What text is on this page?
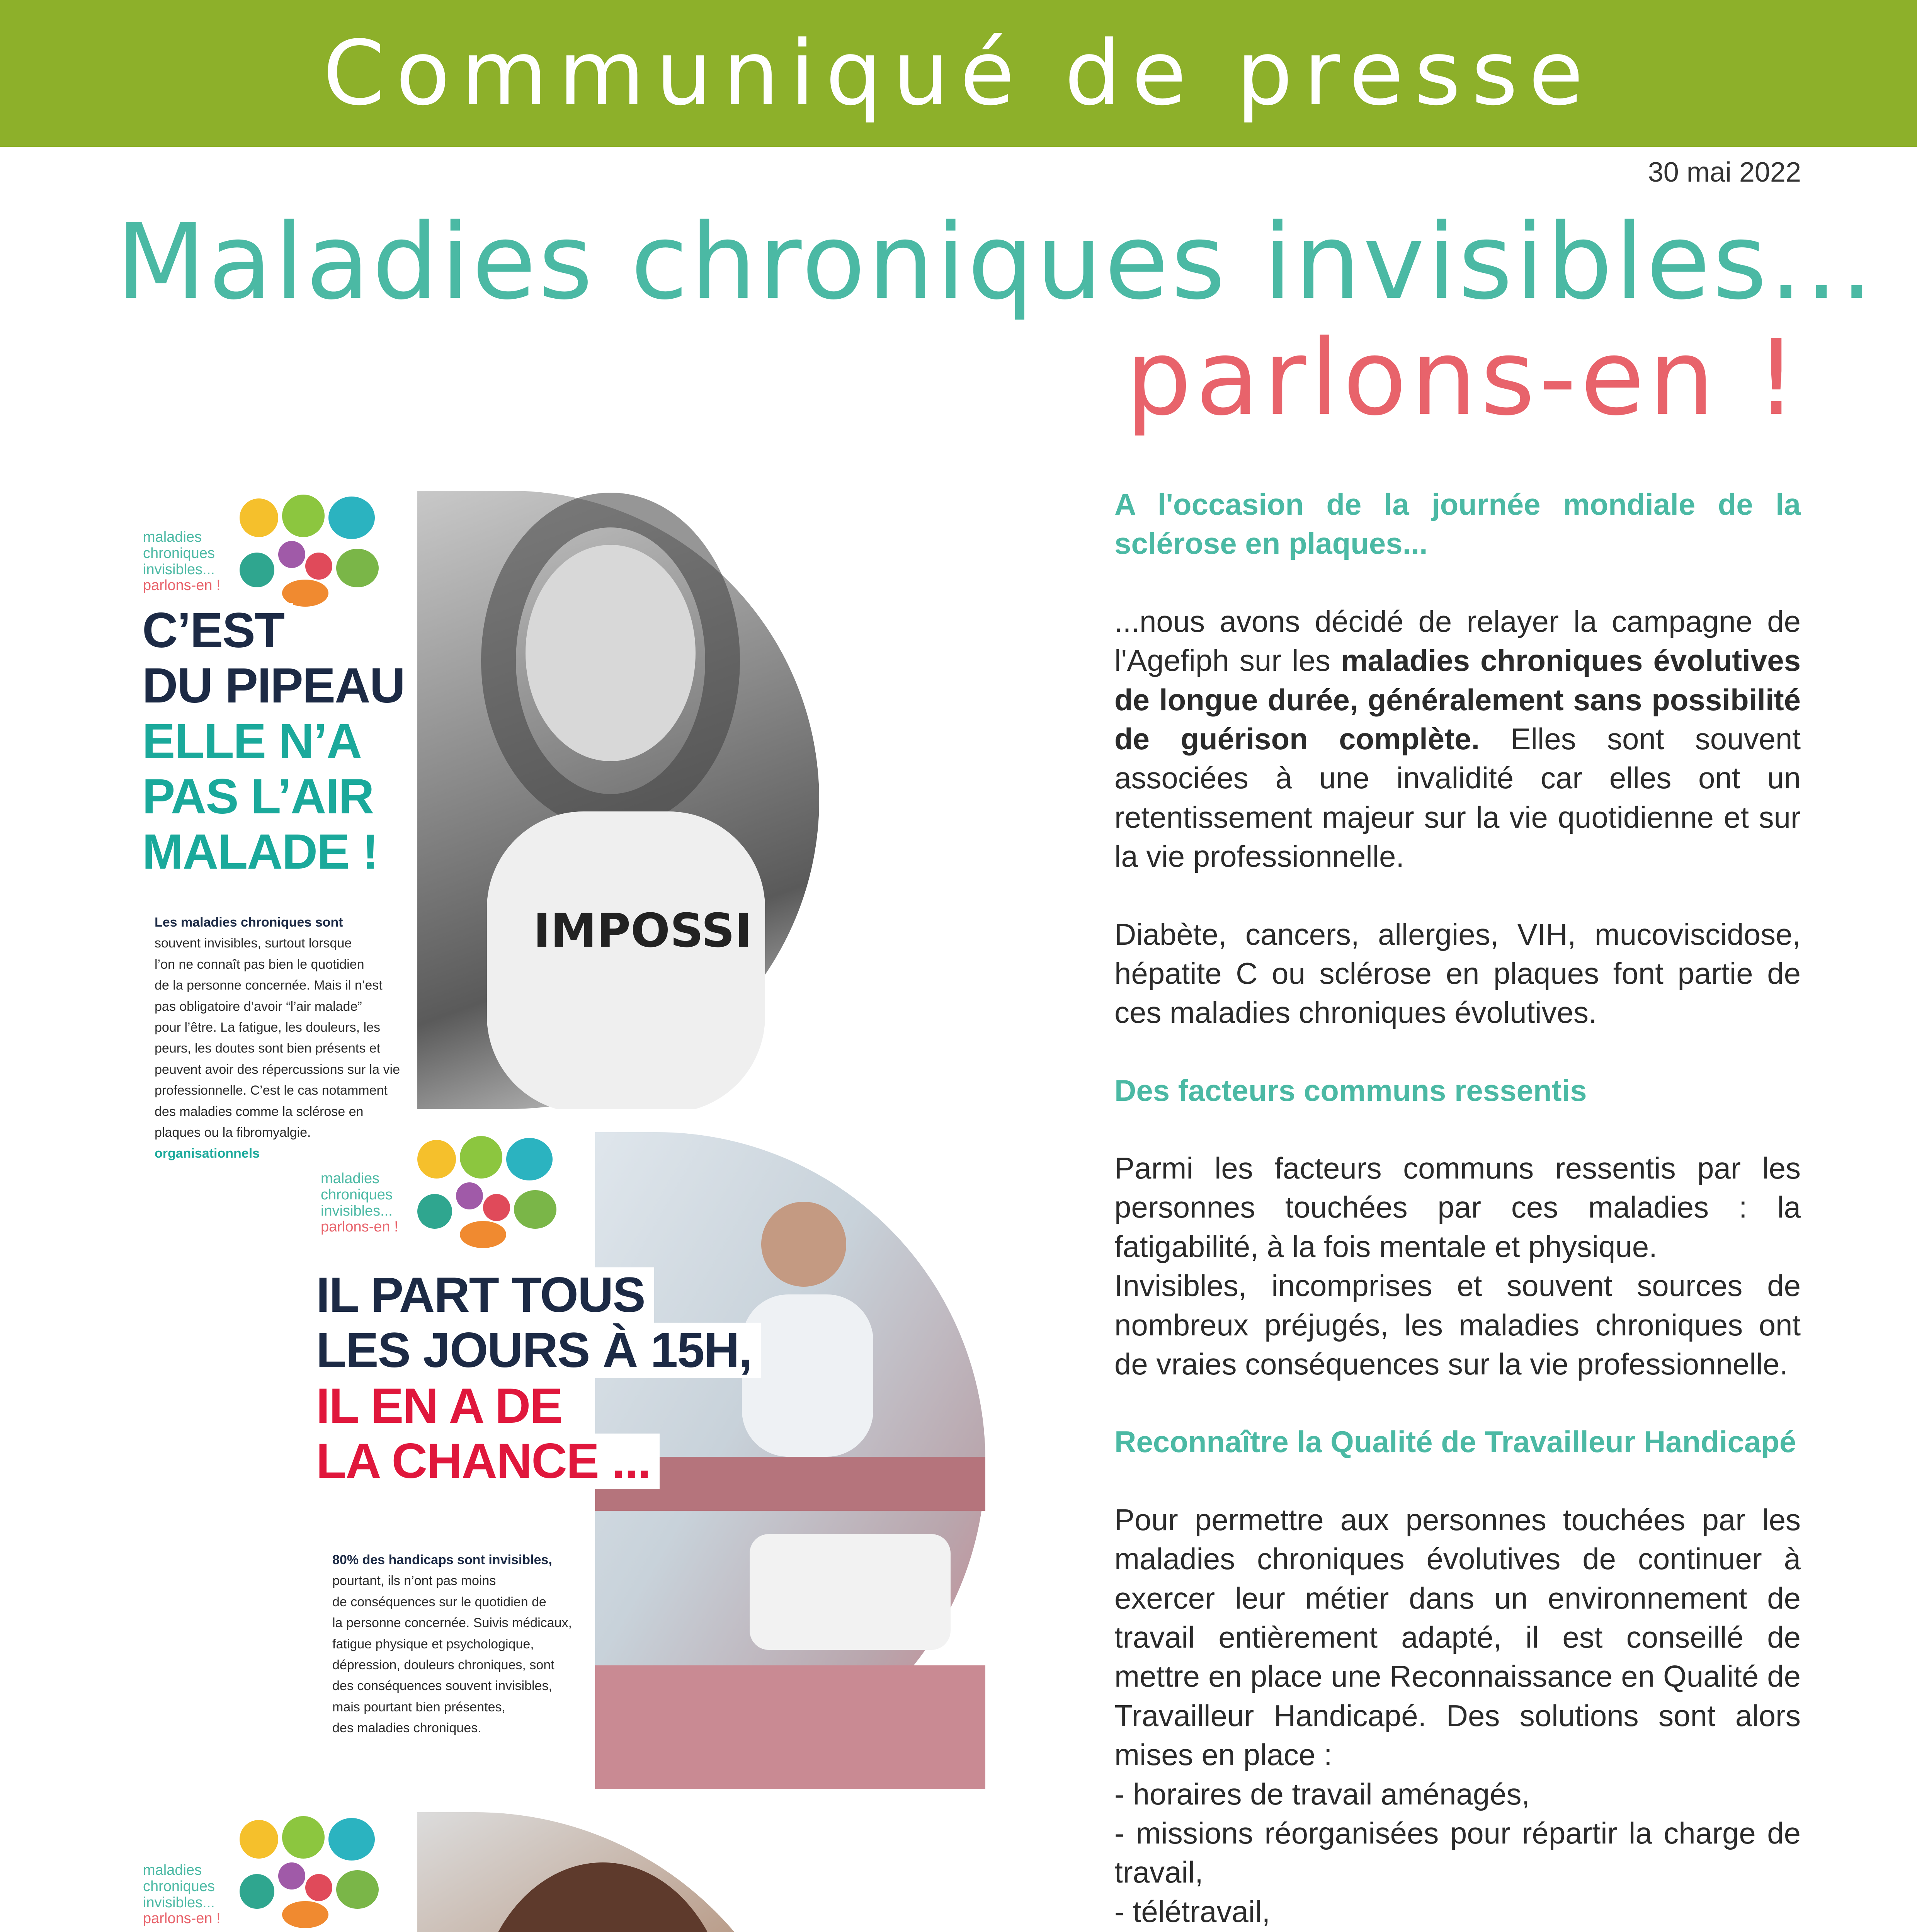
Communiqué de presse
30 mai 2022
Maladies chroniques invisibles...
parlons-en !
IMPOSSI
maladies
chroniques
invisibles...
parlons-en !
C’EST
DU PIPEAU
ELLE N’A
PAS L’AIR
MALADE !
Les maladies chroniques sont
souvent invisibles, surtout lorsque
l’on ne connaît pas bien le quotidien
de la personne concernée. Mais il n’est
pas obligatoire d’avoir “l’air malade”
pour l’être. La fatigue, les douleurs, les
peurs, les doutes sont bien présents et
peuvent avoir des répercussions sur la vie
professionnelle. C’est le cas notamment
des maladies comme la sclérose en
plaques ou la fibromyalgie.
organisationnels
maladies
chroniques
invisibles...
parlons-en !
IL PART TOUS
LES JOURS À 15H,
IL EN A DE
LA CHANCE ...
80% des handicaps sont invisibles,
pourtant, ils n’ont pas moins
de conséquences sur le quotidien de
la personne concernée. Suivis médicaux,
fatigue physique et psychologique,
dépression, douleurs chroniques, sont
des conséquences souvent invisibles,
mais pourtant bien présentes,
des maladies chroniques.
maladies
chroniques
invisibles...
parlons-en !

A l'occasion de la journée mondiale de la sclérose en plaques...

...nous avons décidé de relayer la campagne de l'Agefiph sur les maladies chroniques évolutives de longue durée, généralement sans possibilité de guérison complète. Elles sont souvent associées à une invalidité car elles ont un retentissement majeur sur la vie quotidienne et sur la vie professionnelle.

Diabète, cancers, allergies, VIH, mucoviscidose, hépatite C ou sclérose en plaques font partie de ces maladies chroniques évolutives.

Des facteurs communs ressentis

Parmi les facteurs communs ressentis par les personnes touchées par ces maladies : la fatigabilité, à la fois mentale et physique.

Invisibles, incomprises et souvent sources de nombreux préjugés, les maladies chroniques ont de vraies conséquences sur la vie professionnelle.

Reconnaître la Qualité de Travailleur Handicapé

Pour permettre aux personnes touchées par les maladies chroniques évolutives de continuer à exercer leur métier dans un environnement de travail entièrement adapté, il est conseillé de mettre en place une Reconnaissance en Qualité de Travailleur Handicapé. Des solutions sont alors mises en place :

- horaires de travail aménagés,

- missions réorganisées pour répartir la charge de travail,

- télétravail,
